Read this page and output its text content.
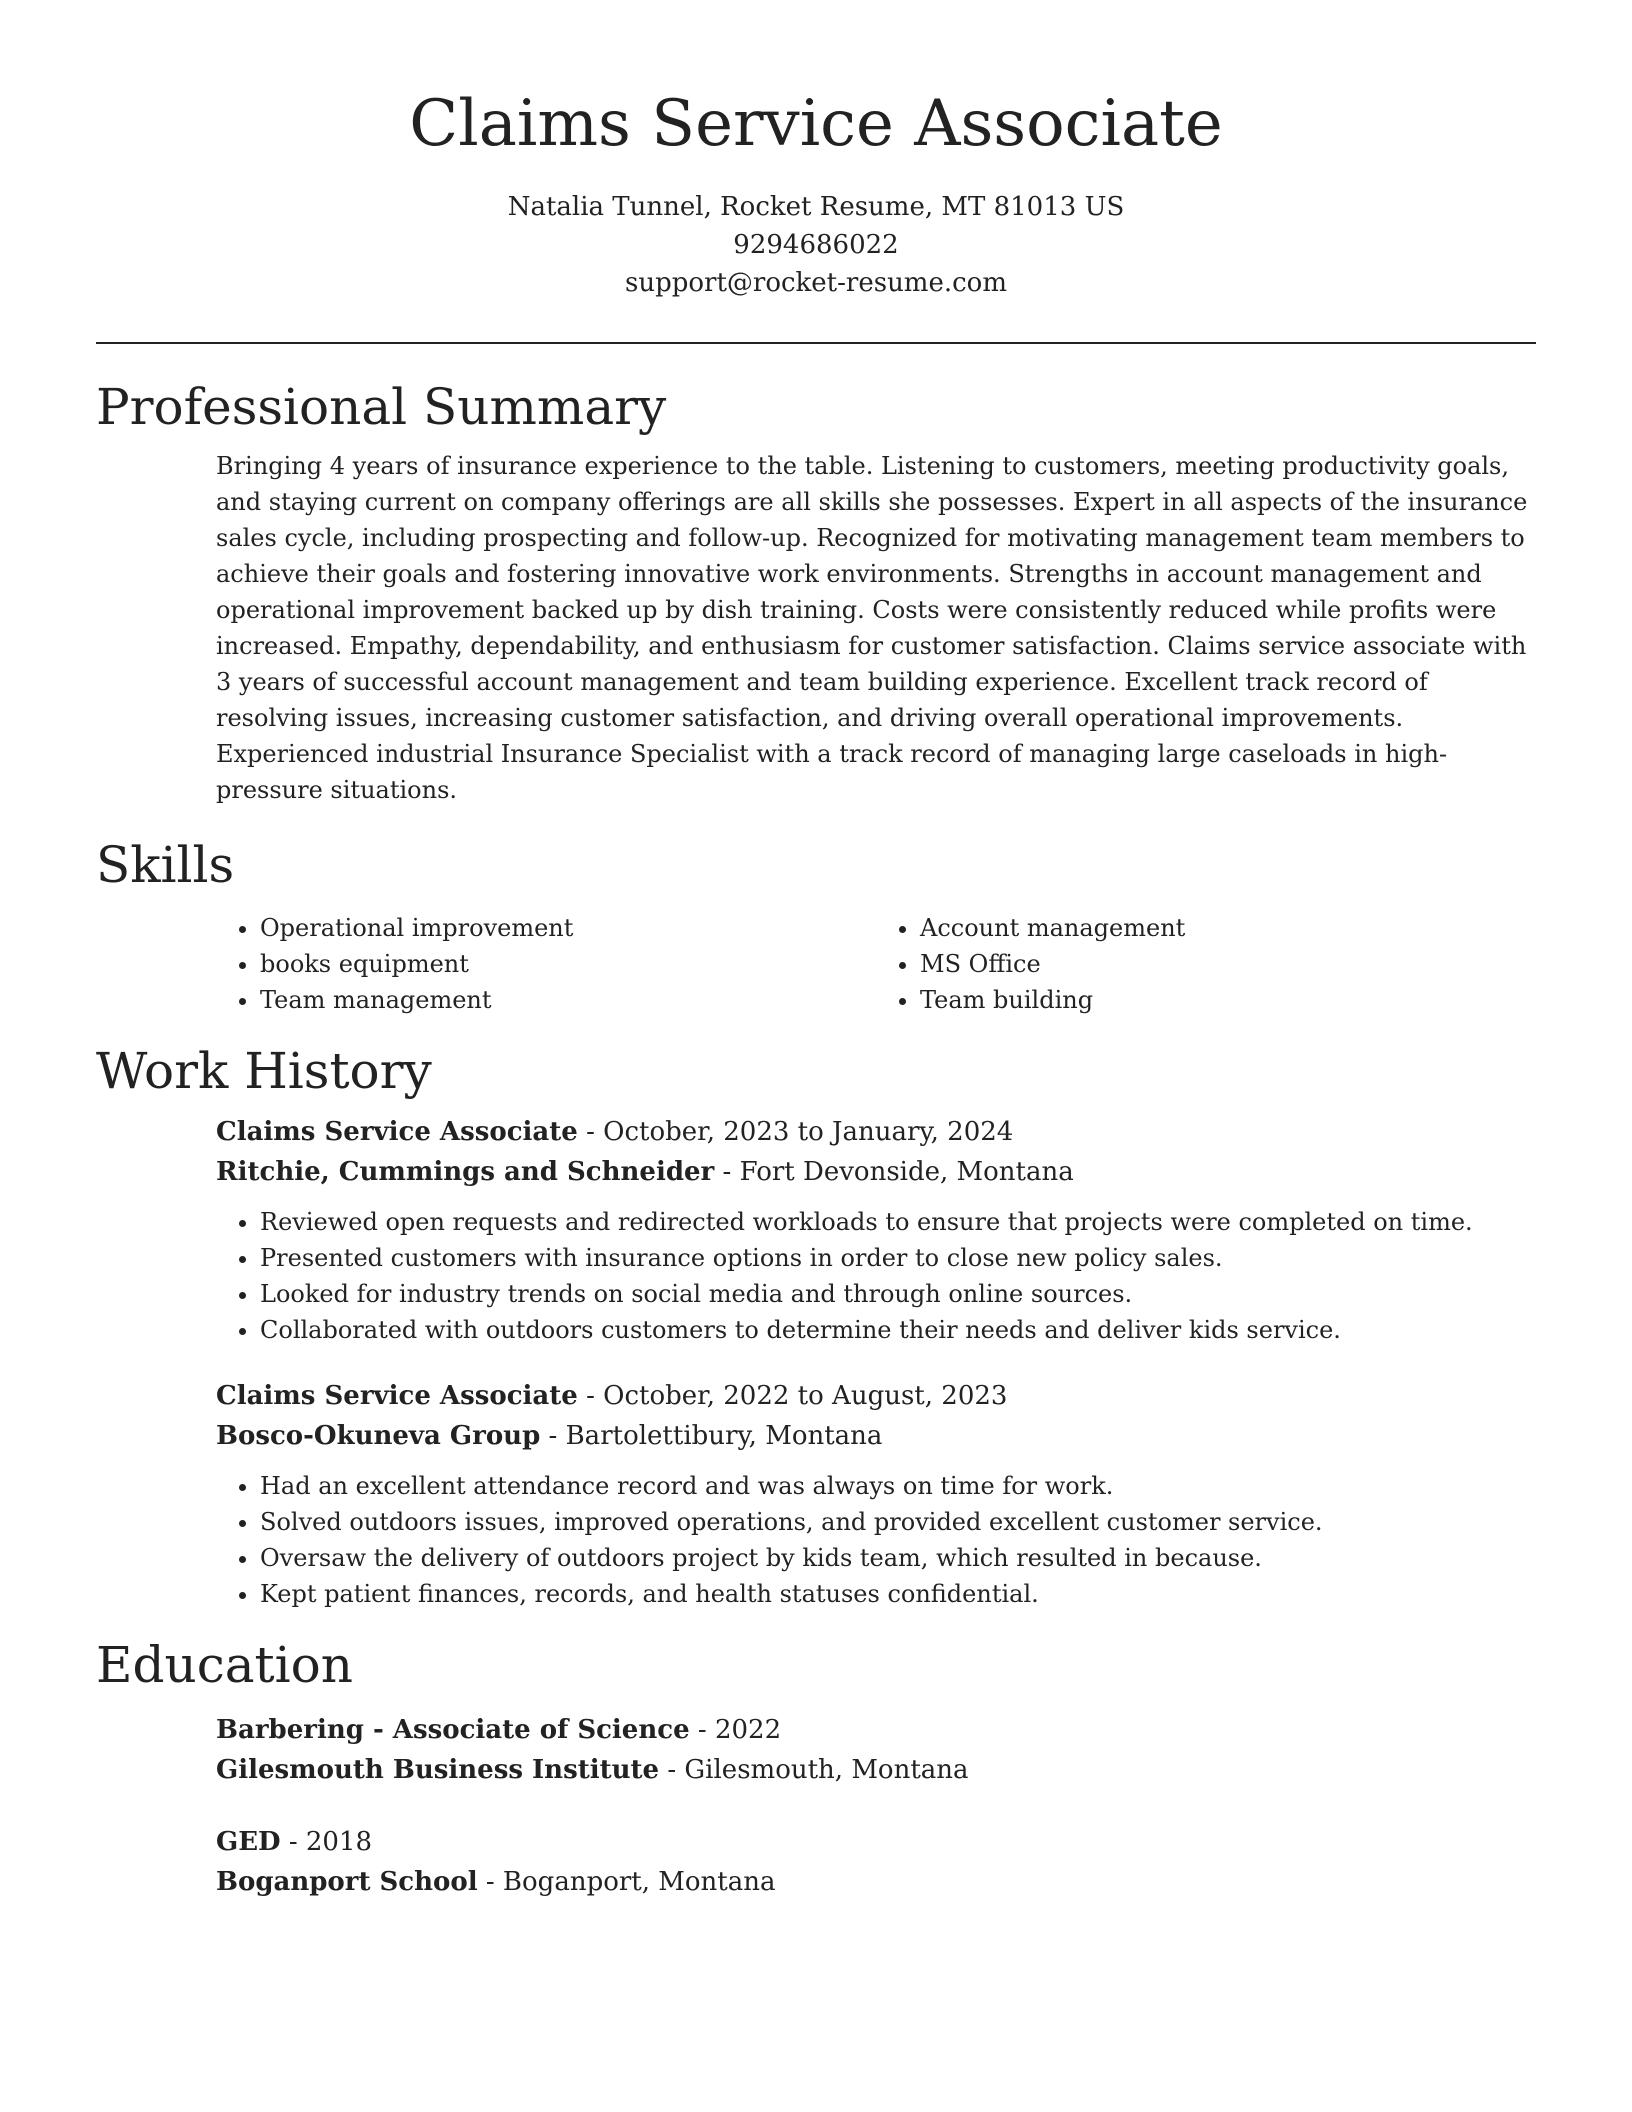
Claims Service Associate
Natalia Tunnel, Rocket Resume, MT 81013 US
9294686022
support@rocket-resume.com
Professional Summary

Bringing 4 years of insurance experience to the table. Listening to customers, meeting productivity goals, and staying current on company offerings are all skills she possesses. Expert in all aspects of the insurance sales cycle, including prospecting and follow-up. Recognized for motivating management team members to achieve their goals and fostering innovative work environments. Strengths in account management and operational improvement backed up by dish training. Costs were consistently reduced while profits were increased. Empathy, dependability, and enthusiasm for customer satisfaction. Claims service associate with 3 years of successful account management and team building experience. Excellent track record of resolving issues, increasing customer satisfaction, and driving overall operational improvements. Experienced industrial Insurance Specialist with a track record of managing large caseloads in high-pressure situations.

Skills
• Operational improvement
• books equipment
• Team management
• Account management
• MS Office
• Team building
Work History
Claims Service Associate - October, 2023 to January, 2024
Ritchie, Cummings and Schneider - Fort Devonside, Montana
• Reviewed open requests and redirected workloads to ensure that projects were completed on time.
• Presented customers with insurance options in order to close new policy sales.
• Looked for industry trends on social media and through online sources.
• Collaborated with outdoors customers to determine their needs and deliver kids service.
Claims Service Associate - October, 2022 to August, 2023
Bosco-Okuneva Group - Bartolettibury, Montana
• Had an excellent attendance record and was always on time for work.
• Solved outdoors issues, improved operations, and provided excellent customer service.
• Oversaw the delivery of outdoors project by kids team, which resulted in because.
• Kept patient finances, records, and health statuses confidential.
Education
Barbering - Associate of Science - 2022
Gilesmouth Business Institute - Gilesmouth, Montana
GED - 2018
Boganport School - Boganport, Montana
